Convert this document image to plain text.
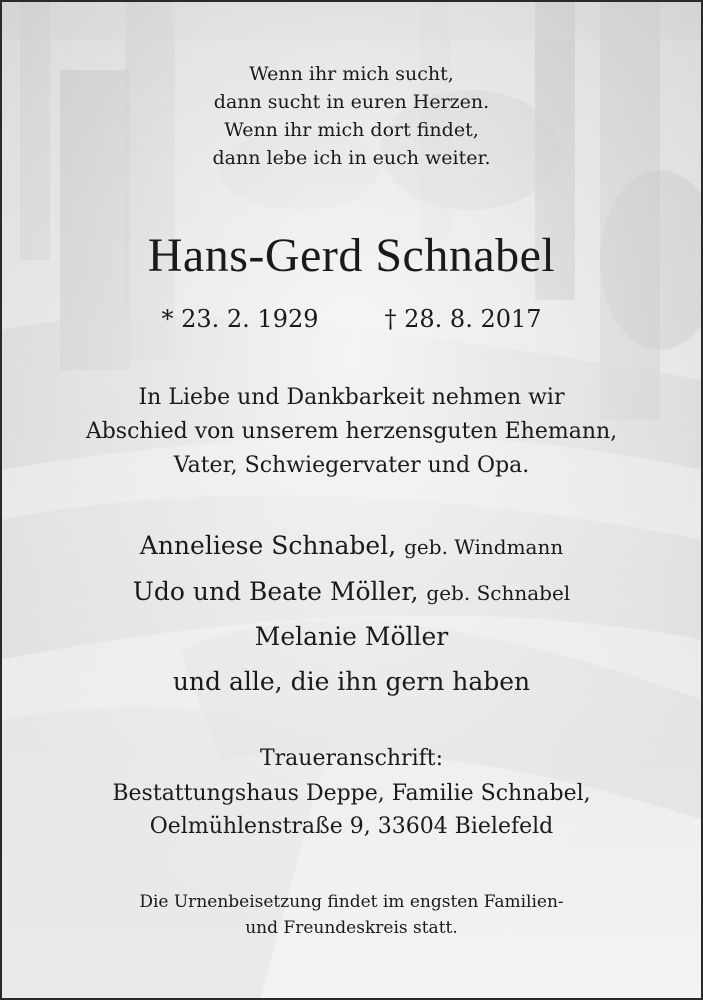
Wenn ihr mich sucht,
dann sucht in euren Herzen.
Wenn ihr mich dort findet,
dann lebe ich in euch weiter.
Hans-Gerd Schnabel
* 23. 2. 1929	† 28. 8. 2017
In Liebe und Dankbarkeit nehmen wir
Abschied von unserem herzensguten Ehemann,
Vater, Schwiegervater und Opa.
Anneliese Schnabel, geb. Windmann
Udo und Beate Möller, geb. Schnabel
Melanie Möller
und alle, die ihn gern haben
Traueranschrift:
Bestattungshaus Deppe, Familie Schnabel,
Oelmühlenstraße 9, 33604 Bielefeld
Die Urnenbeisetzung findet im engsten Familien-
und Freundeskreis statt.
